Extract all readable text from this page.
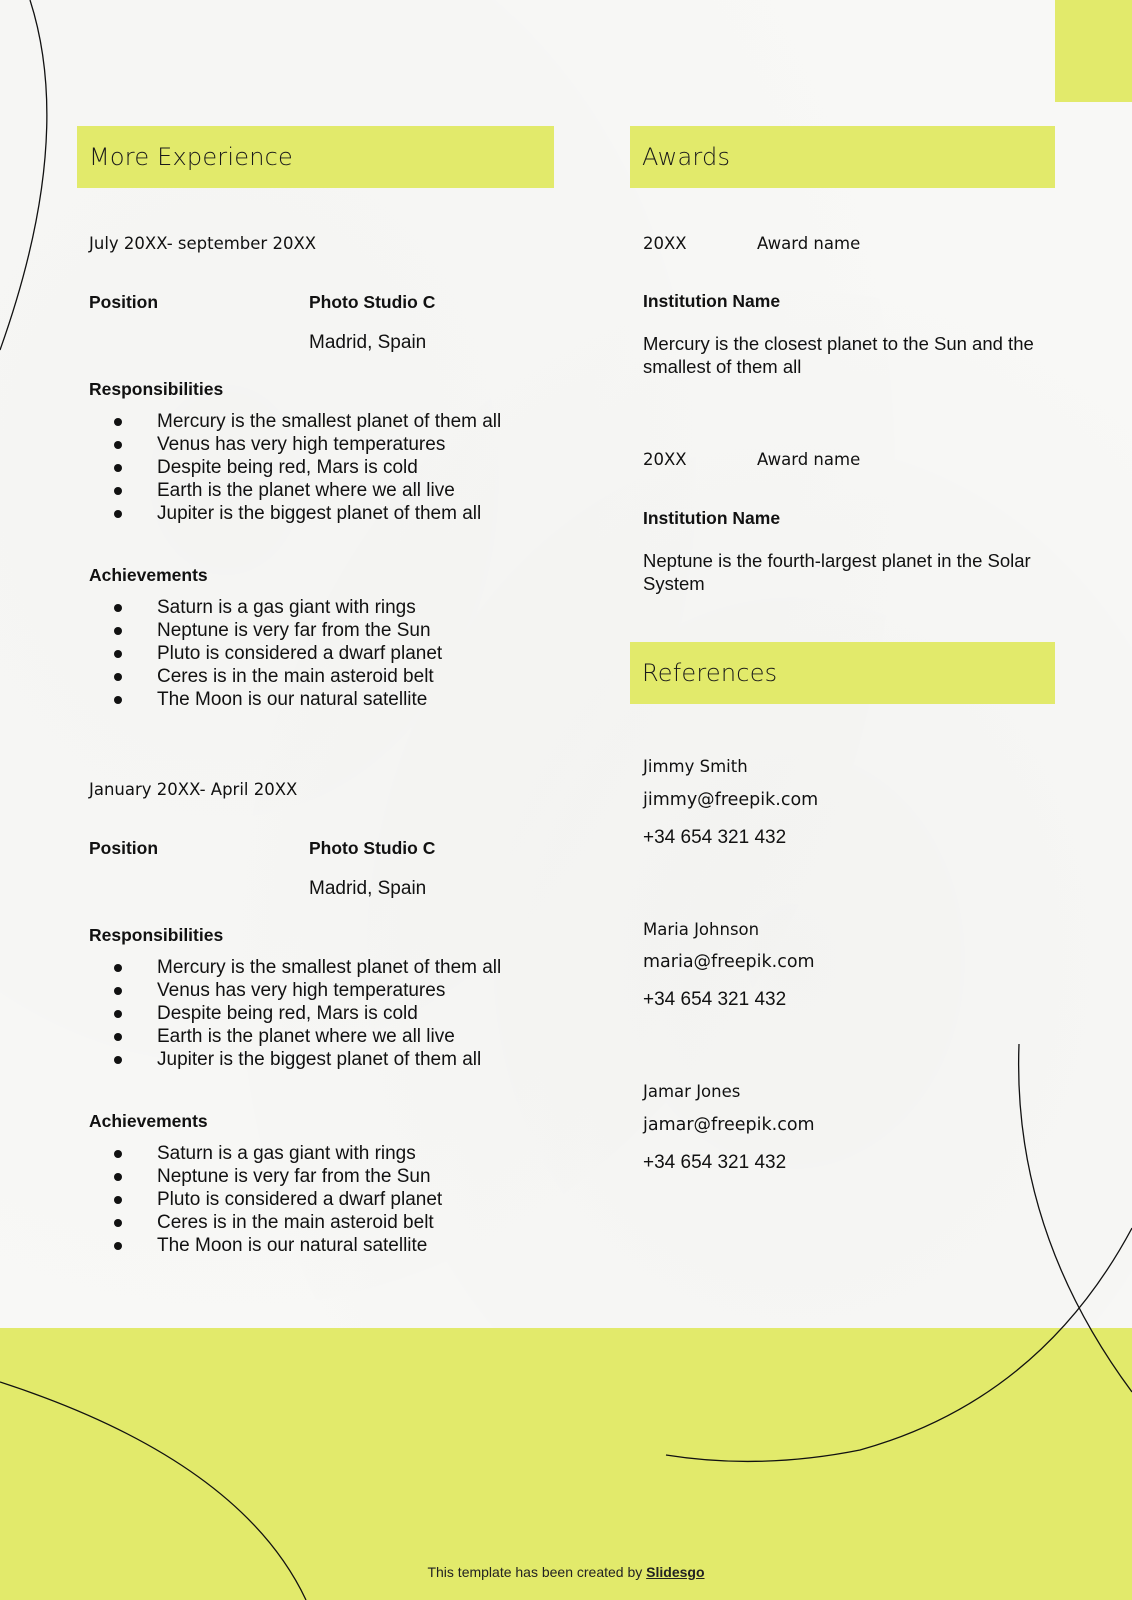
More Experience
July 20XX- september 20XX
Position	Photo Studio C
Madrid, Spain
Responsibilities
Mercury is the smallest planet of them all
Venus has very high temperatures
Despite being red, Mars is cold
Earth is the planet where we all live
Jupiter is the biggest planet of them all
Achievements
Saturn is a gas giant with rings
Neptune is very far from the Sun
Pluto is considered a dwarf planet
Ceres is in the main asteroid belt
The Moon is our natural satellite
January 20XX- April 20XX
Position	Photo Studio C
Madrid, Spain
Responsibilities
Mercury is the smallest planet of them all
Venus has very high temperatures
Despite being red, Mars is cold
Earth is the planet where we all live
Jupiter is the biggest planet of them all
Achievements
Saturn is a gas giant with rings
Neptune is very far from the Sun
Pluto is considered a dwarf planet
Ceres is in the main asteroid belt
The Moon is our natural satellite
Awards
20XX	Award name
Institution Name
Mercury is the closest planet to the Sun and the smallest of them all
20XX	Award name
Institution Name
Neptune is the fourth-largest planet in the Solar System
References
Jimmy Smith
jimmy@freepik.com
+34 654 321 432
Maria Johnson
maria@freepik.com
+34 654 321 432
Jamar Jones
jamar@freepik.com
+34 654 321 432
This template has been created by Slidesgo
